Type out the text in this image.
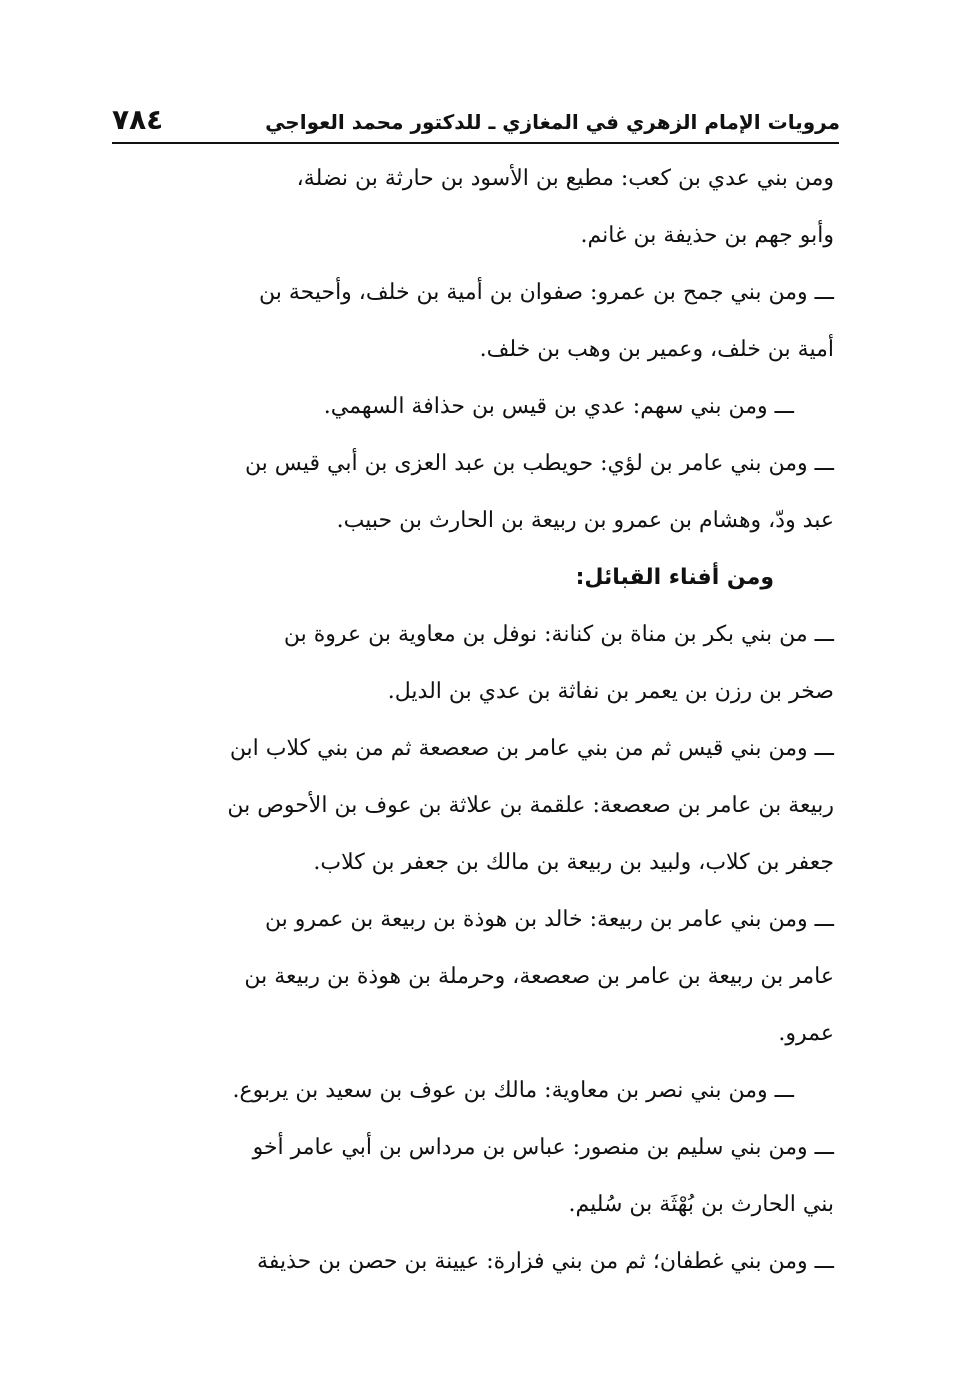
مرويات الإمام الزهري في المغازي ـ للدكتور محمد العواجي
٧٨٤

ومن بني عدي بن كعب: مطيع بن الأسود بن حارثة بن نضلة،
وأبو جهم بن حذيفة بن غانم.

ـــ ومن بني جمح بن عمرو: صفوان بن أمية بن خلف، وأحيحة بن
أمية بن خلف، وعمير بن وهب بن خلف.

ـــ ومن بني سهم: عدي بن قيس بن حذافة السهمي.

ـــ ومن بني عامر بن لؤي: حويطب بن عبد العزى بن أبي قيس بن
عبد ودّ، وهشام بن عمرو بن ربيعة بن الحارث بن حبيب.

ومن أفناء القبائل:

ـــ من بني بكر بن مناة بن كنانة: نوفل بن معاوية بن عروة بن
صخر بن رزن بن يعمر بن نفاثة بن عدي بن الديل.

ـــ ومن بني قيس ثم من بني عامر بن صعصعة ثم من بني كلاب ابن
ربيعة بن عامر بن صعصعة: علقمة بن علاثة بن عوف بن الأحوص بن
جعفر بن كلاب، ولبيد بن ربيعة بن مالك بن جعفر بن كلاب.

ـــ ومن بني عامر بن ربيعة: خالد بن هوذة بن ربيعة بن عمرو بن
عامر بن ربيعة بن عامر بن صعصعة، وحرملة بن هوذة بن ربيعة بن
عمرو.

ـــ ومن بني نصر بن معاوية: مالك بن عوف بن سعيد بن يربوع.

ـــ ومن بني سليم بن منصور: عباس بن مرداس بن أبي عامر أخو
بني الحارث بن بُهْثَة بن سُليم.

ـــ ومن بني غطفان؛ ثم من بني فزارة: عيينة بن حصن بن حذيفة
